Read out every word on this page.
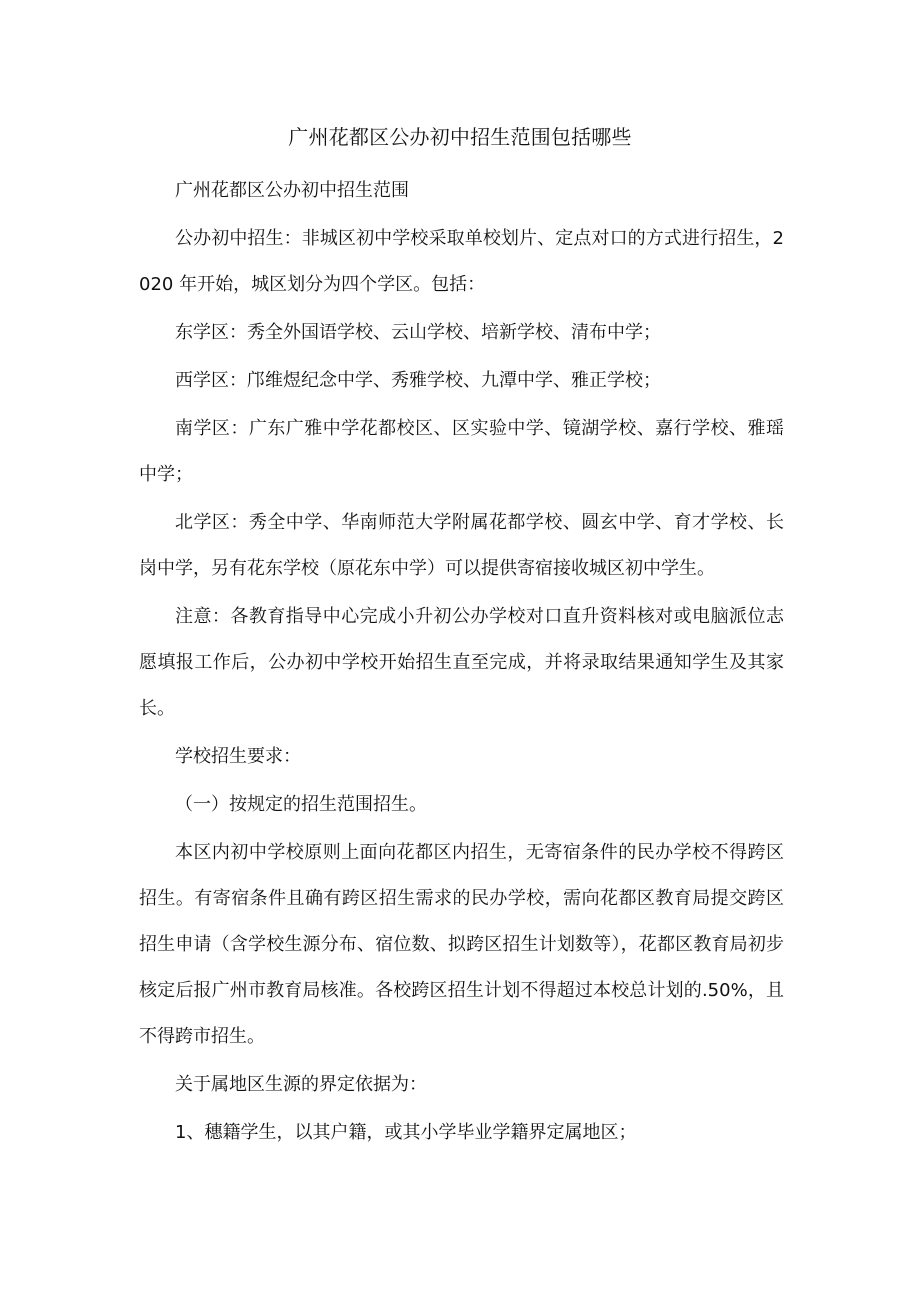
广州花都区公办初中招生范围包括哪些

广州花都区公办初中招生范围

公办初中招生：非城区初中学校采取单校划片、定点对口的方式进行招生，2020 年开始，城区划分为四个学区。包括：

东学区：秀全外国语学校、云山学校、培新学校、清布中学；

西学区：邝维煜纪念中学、秀雅学校、九潭中学、雅正学校；

南学区：广东广雅中学花都校区、区实验中学、镜湖学校、嘉行学校、雅瑶中学；

北学区：秀全中学、华南师范大学附属花都学校、圆玄中学、育才学校、长岗中学，另有花东学校（原花东中学）可以提供寄宿接收城区初中学生。

注意：各教育指导中心完成小升初公办学校对口直升资料核对或电脑派位志愿填报工作后，公办初中学校开始招生直至完成，并将录取结果通知学生及其家长。

学校招生要求：

（一）按规定的招生范围招生。

本区内初中学校原则上面向花都区内招生，无寄宿条件的民办学校不得跨区招生。有寄宿条件且确有跨区招生需求的民办学校，需向花都区教育局提交跨区招生申请（含学校生源分布、宿位数、拟跨区招生计划数等），花都区教育局初步核定后报广州市教育局核准。各校跨区招生计划不得超过本校总计划的.50%，且不得跨市招生。

关于属地区生源的界定依据为：

1、穗籍学生，以其户籍，或其小学毕业学籍界定属地区；
